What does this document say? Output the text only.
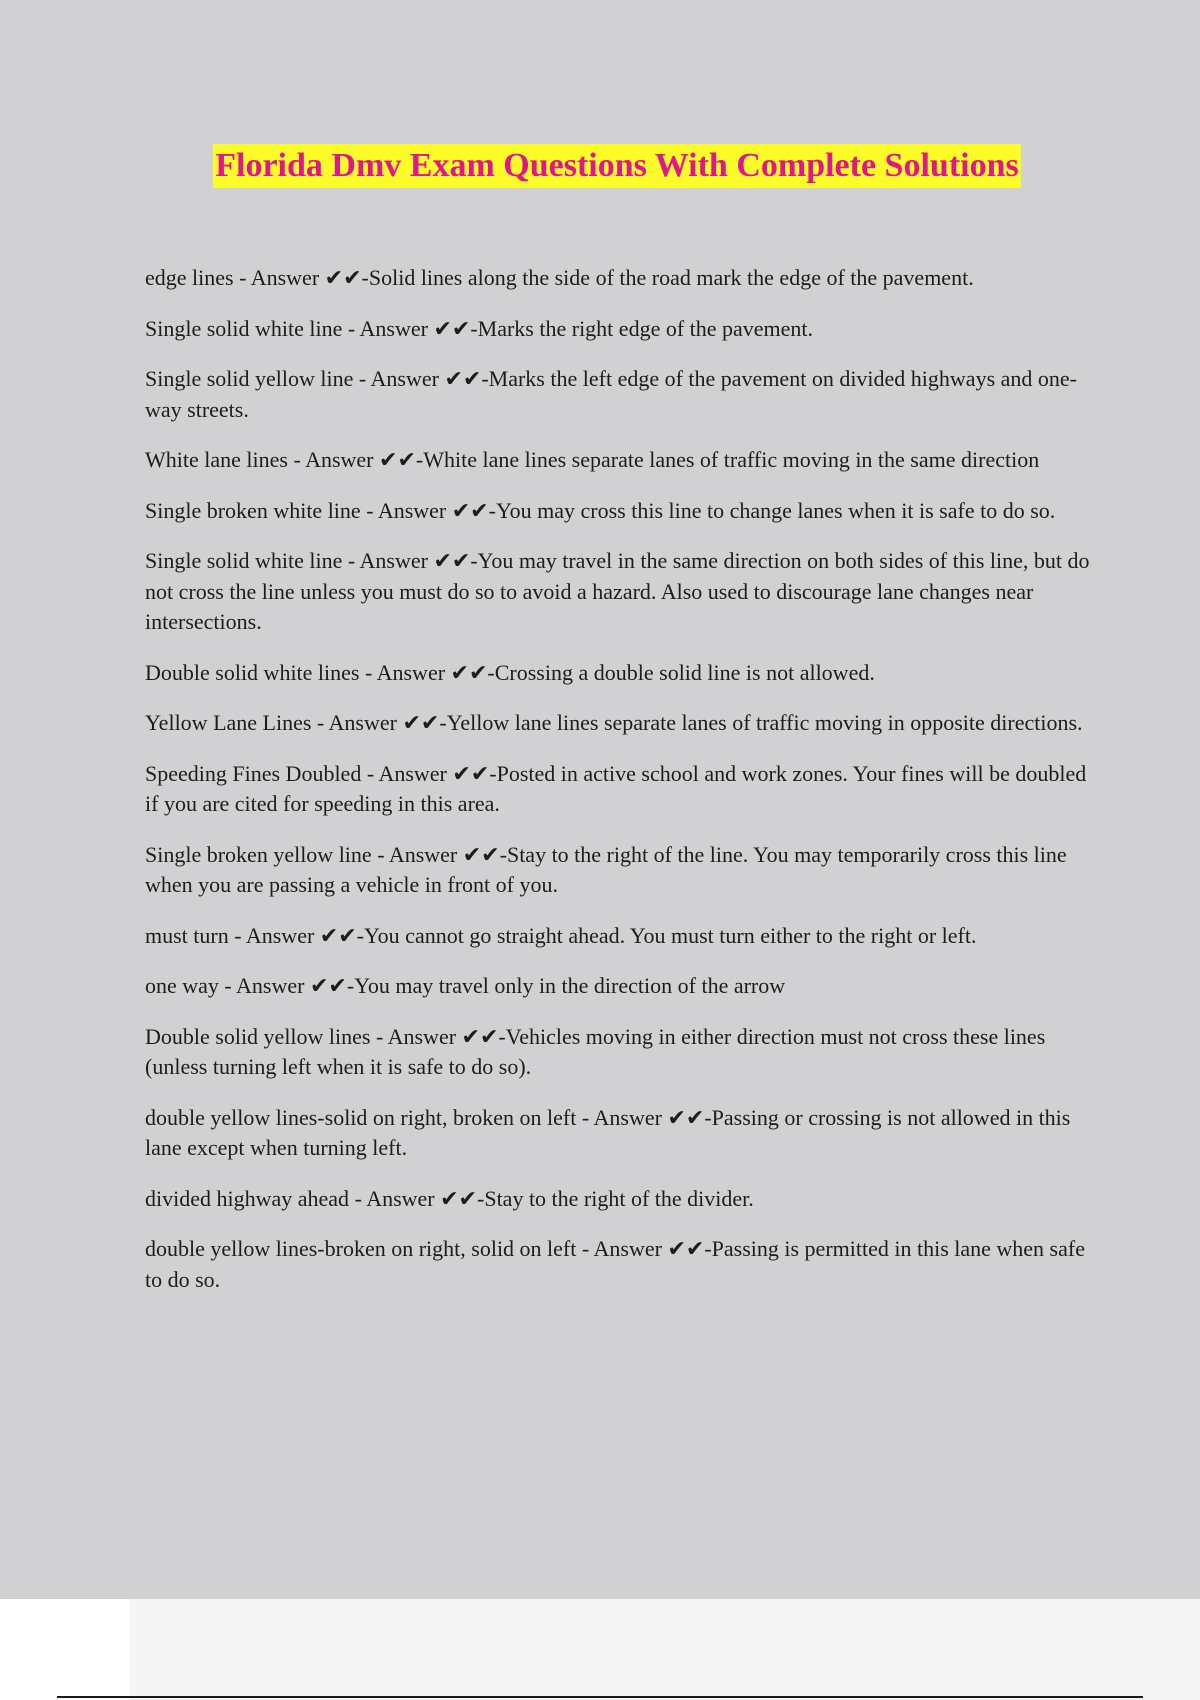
Florida Dmv Exam Questions With Complete Solutions
edge lines - Answer ✔✔-Solid lines along the side of the road mark the edge of the pavement.
Single solid white line - Answer ✔✔-Marks the right edge of the pavement.
Single solid yellow line - Answer ✔✔-Marks the left edge of the pavement on divided highways and one-way streets.
White lane lines - Answer ✔✔-White lane lines separate lanes of traffic moving in the same direction
Single broken white line - Answer ✔✔-You may cross this line to change lanes when it is safe to do so.
Single solid white line - Answer ✔✔-You may travel in the same direction on both sides of this line, but do not cross the line unless you must do so to avoid a hazard. Also used to discourage lane changes near intersections.
Double solid white lines - Answer ✔✔-Crossing a double solid line is not allowed.
Yellow Lane Lines - Answer ✔✔-Yellow lane lines separate lanes of traffic moving in opposite directions.
Speeding Fines Doubled - Answer ✔✔-Posted in active school and work zones. Your fines will be doubled if you are cited for speeding in this area.
Single broken yellow line - Answer ✔✔-Stay to the right of the line. You may temporarily cross this line when you are passing a vehicle in front of you.
must turn - Answer ✔✔-You cannot go straight ahead. You must turn either to the right or left.
one way - Answer ✔✔-You may travel only in the direction of the arrow
Double solid yellow lines - Answer ✔✔-Vehicles moving in either direction must not cross these lines (unless turning left when it is safe to do so).
double yellow lines-solid on right, broken on left - Answer ✔✔-Passing or crossing is not allowed in this lane except when turning left.
divided highway ahead - Answer ✔✔-Stay to the right of the divider.
double yellow lines-broken on right, solid on left - Answer ✔✔-Passing is permitted in this lane when safe to do so.
